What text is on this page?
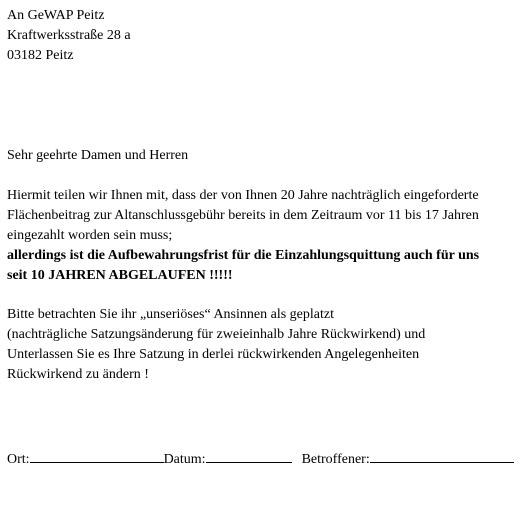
An GeWAP Peitz
Kraftwerksstraße 28 a
03182 Peitz
Sehr geehrte Damen und Herren
Hiermit teilen wir Ihnen mit, dass der von Ihnen 20 Jahre nachträglich eingeforderte
Flächenbeitrag zur Altanschlussgebühr bereits in dem Zeitraum vor 11 bis 17 Jahren
eingezahlt worden sein muss;
allerdings ist die Aufbewahrungsfrist für die Einzahlungsquittung auch für uns
seit 10 JAHREN ABGELAUFEN !!!!!
Bitte betrachten Sie ihr „unseriöses“ Ansinnen als geplatzt
(nachträgliche Satzungsänderung für zweieinhalb Jahre Rückwirkend) und
Unterlassen Sie es Ihre Satzung in derlei rückwirkenden Angelegenheiten
Rückwirkend zu ändern !
Ort:	Datum:	Betroffener:
